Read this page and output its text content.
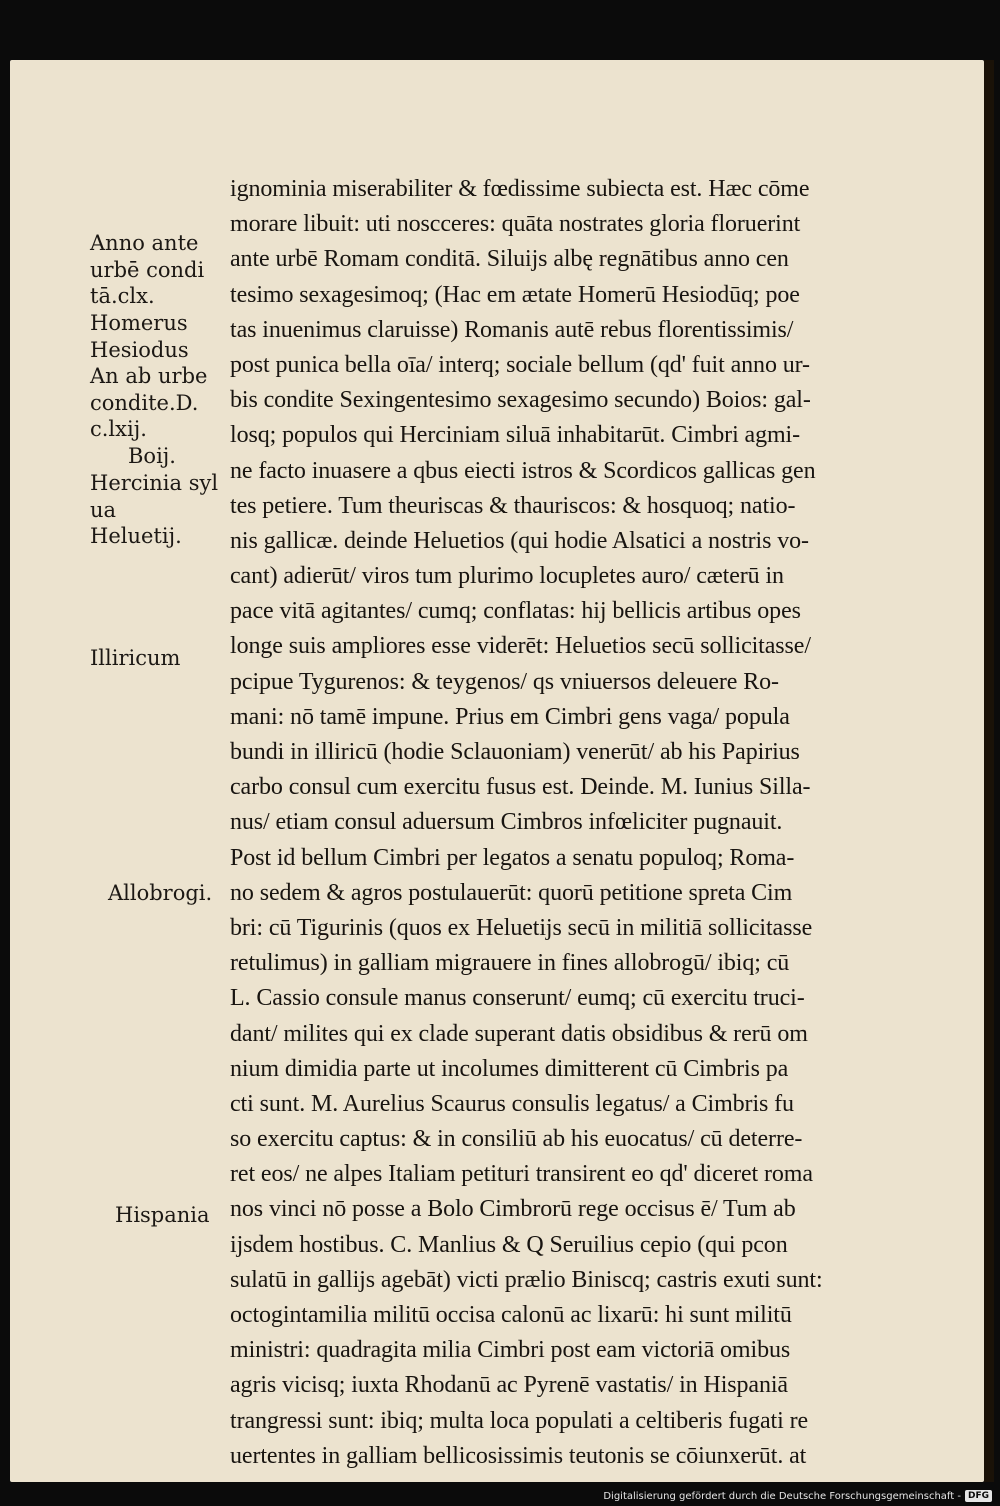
Anno ante
urbē condi
tā.clx.
Homerus
Hesiodus
An ab urbe
condite.D.
c.lxij.
Boij.
Hercinia syl
ua
Heluetij.
Illiricum
Allobrogi.
Hispania
ignominia miserabiliter & fœdissime subiecta est. Hæc cōme
morare libuit: uti noscceres: quāta nostrates gloria floruerint
ante urbē Romam conditā. Siluijs albę regnātibus anno cen
tesimo sexagesimoq; (Hac em ætate Homerū Hesiodūq; poe
tas inuenimus claruisse) Romanis autē rebus florentissimis/
post punica bella oīa/ interq; sociale bellum (qd' fuit anno ur-
bis condite Sexingentesimo sexagesimo secundo) Boios: gal-
losq; populos qui Herciniam siluā inhabitarūt. Cimbri agmi-
ne facto inuasere a qbus eiecti istros & Scordicos gallicas gen
tes petiere. Tum theuriscas & thauriscos: & hosquoq; natio-
nis gallicæ. deinde Heluetios (qui hodie Alsatici a nostris vo-
cant) adierūt/ viros tum plurimo locupletes auro/ cæterū in
pace vitā agitantes/ cumq; conflatas: hij bellicis artibus opes
longe suis ampliores esse viderēt: Heluetios secū sollicitasse/
pcipue Tygurenos: & teygenos/ qs vniuersos deleuere Ro-
mani: nō tamē impune. Prius em Cimbri gens vaga/ popula
bundi in illiricū (hodie Sclauoniam) venerūt/ ab his Papirius
carbo consul cum exercitu fusus est. Deinde. M. Iunius Silla-
nus/ etiam consul aduersum Cimbros infœliciter pugnauit.
Post id bellum Cimbri per legatos a senatu populoq; Roma-
no sedem & agros postulauerūt: quorū petitione spreta Cim
bri: cū Tigurinis (quos ex Heluetijs secū in militiā sollicitasse
retulimus) in galliam migrauere in fines allobrogū/ ibiq; cū
L. Cassio consule manus conserunt/ eumq; cū exercitu truci-
dant/ milites qui ex clade superant datis obsidibus & rerū om
nium dimidia parte ut incolumes dimitterent cū Cimbris pa
cti sunt. M. Aurelius Scaurus consulis legatus/ a Cimbris fu
so exercitu captus: & in consiliū ab his euocatus/ cū deterre-
ret eos/ ne alpes Italiam petituri transirent eo qd' diceret roma
nos vinci nō posse a Bolo Cimbrorū rege occisus ē/ Tum ab
ijsdem hostibus. C. Manlius & Q Seruilius cepio (qui pcon
sulatū in gallijs agebāt) victi prælio Biniscq; castris exuti sunt:
octogintamilia militū occisa calonū ac lixarū: hi sunt militū
ministri: quadragita milia Cimbri post eam victoriā omibus
agris vicisq; iuxta Rhodanū ac Pyrenē vastatis/ in Hispaniā
trangressi sunt: ibiq; multa loca populati a celtiberis fugati re
uertentes in galliam bellicosissimis teutonis se cōiunxerūt. at
Digitalisierung gefördert durch die Deutsche Forschungsgemeinschaft - DFG
